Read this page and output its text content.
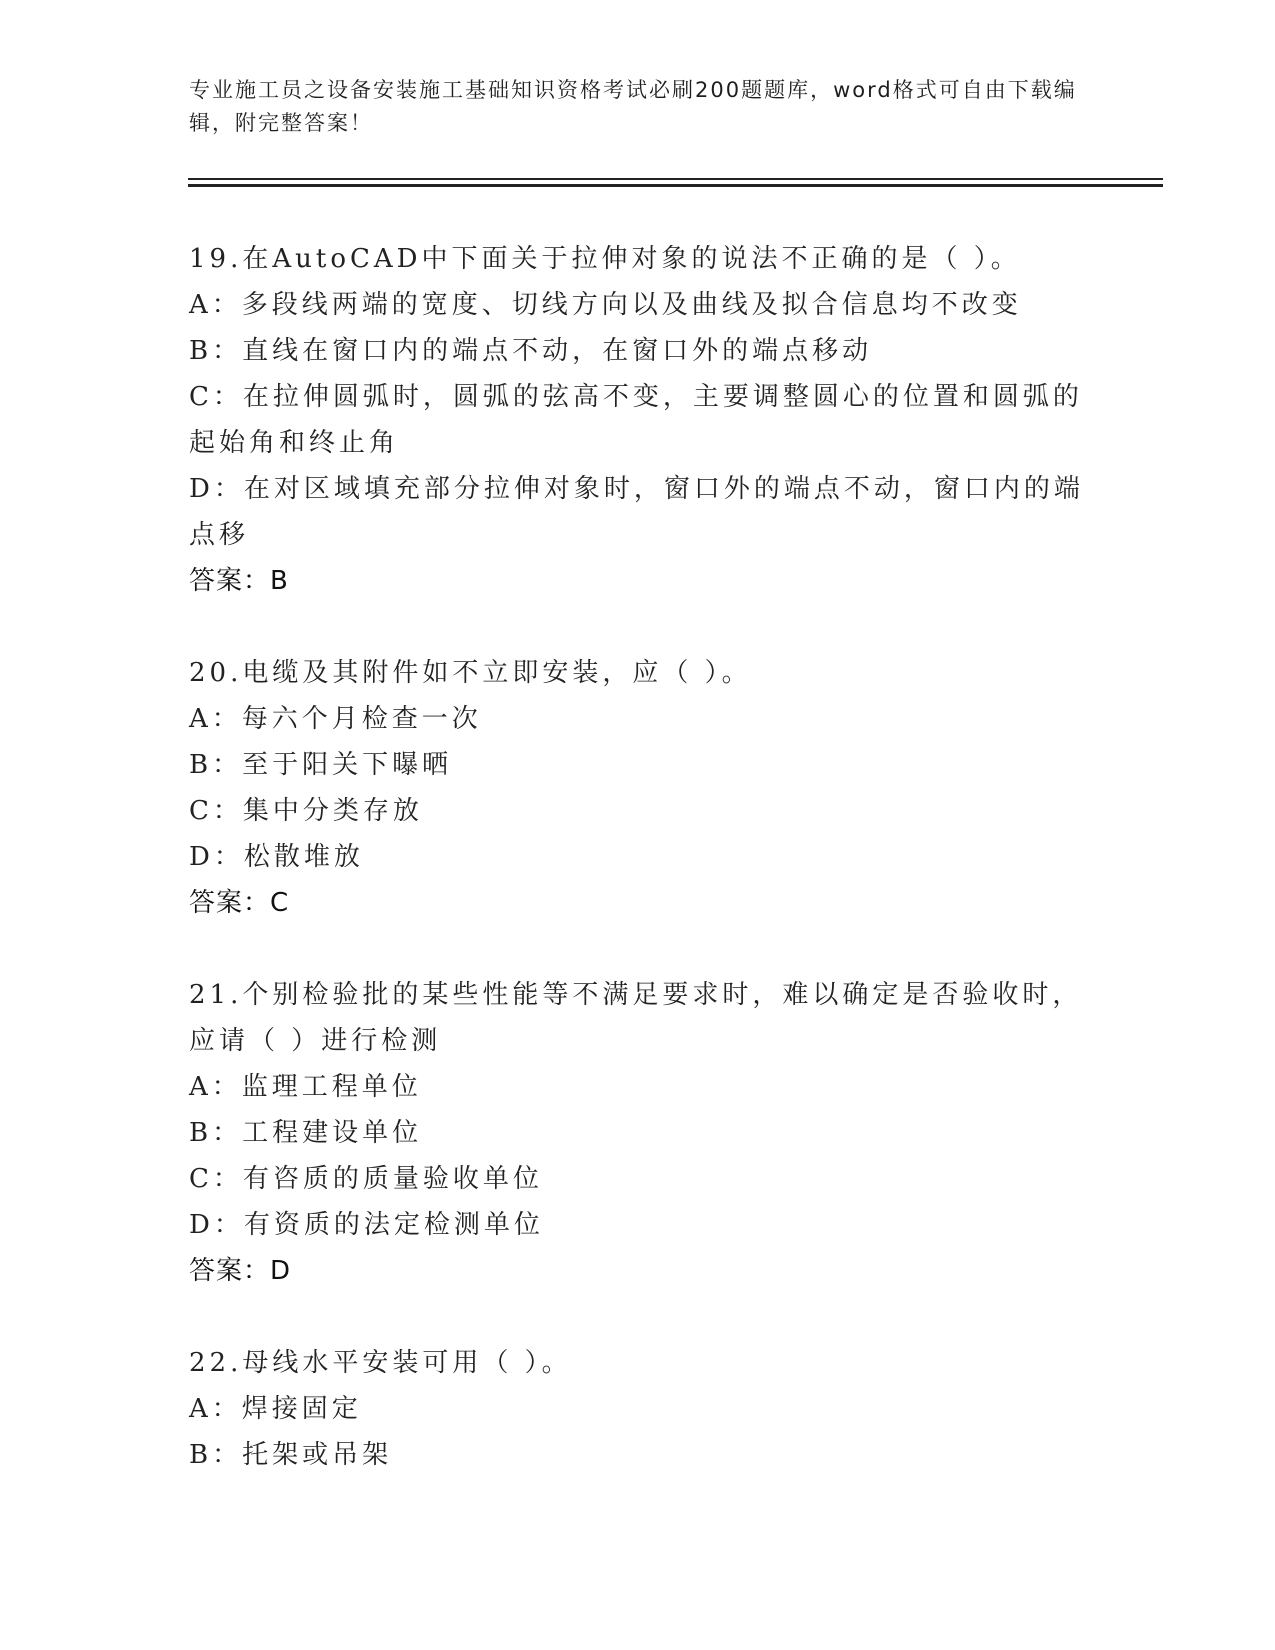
专业施工员之设备安装施工基础知识资格考试必刷200题题库，word格式可自由下载编辑，附完整答案！
19.在AutoCAD中下面关于拉伸对象的说法不正确的是（ ）。
A：多段线两端的宽度、切线方向以及曲线及拟合信息均不改变
B：直线在窗口内的端点不动，在窗口外的端点移动
C：在拉伸圆弧时，圆弧的弦高不变，主要调整圆心的位置和圆弧的起始角和终止角
D：在对区域填充部分拉伸对象时，窗口外的端点不动，窗口内的端点移
答案：B
20.电缆及其附件如不立即安装，应（ ）。
A：每六个月检查一次
B：至于阳关下曝晒
C：集中分类存放
D：松散堆放
答案：C
21.个别检验批的某些性能等不满足要求时，难以确定是否验收时，应请（ ）进行检测
A：监理工程单位
B：工程建设单位
C：有咨质的质量验收单位
D：有资质的法定检测单位
答案：D
22.母线水平安装可用（ ）。
A：焊接固定
B：托架或吊架
